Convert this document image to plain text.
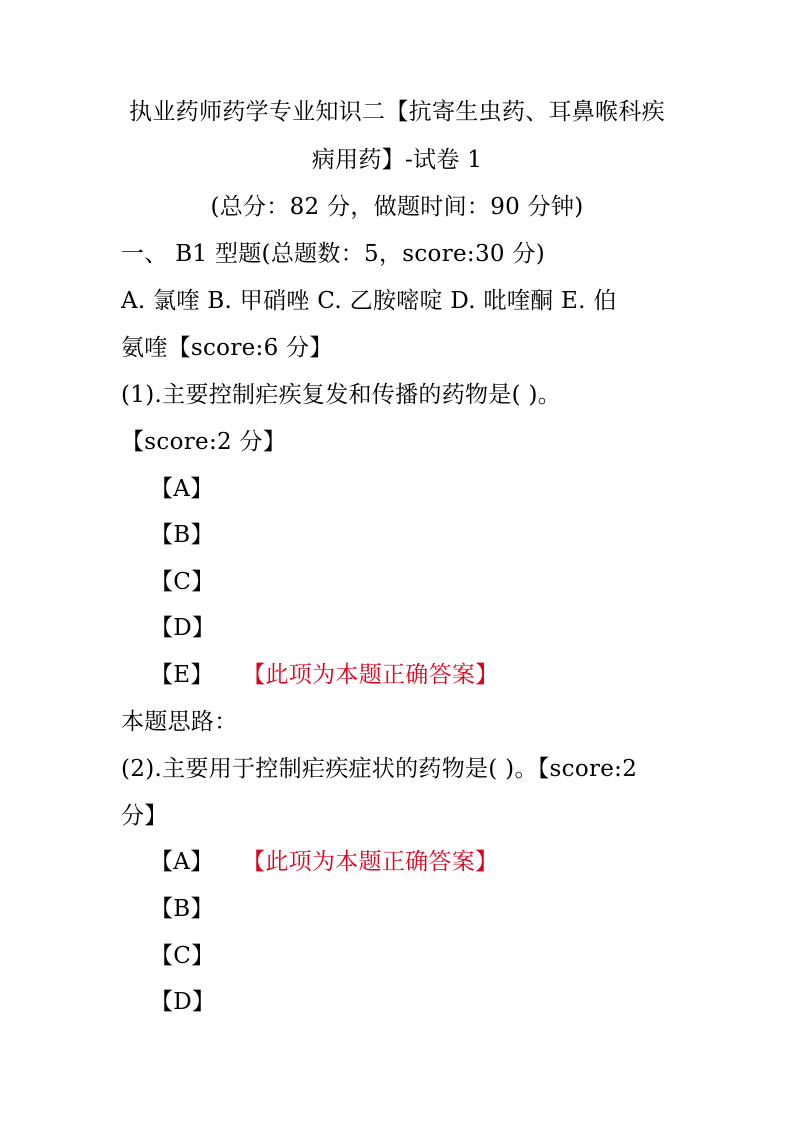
执业药师药学专业知识二【抗寄生虫药、耳鼻喉科疾
病用药】-试卷 1
(总分：82 分，做题时间：90 分钟)
一、 B1 型题(总题数：5，score:30 分)
A. 氯喹 B. 甲硝唑 C. 乙胺嘧啶 D. 吡喹酮 E. 伯
氨喹【score:6 分】
(1).主要控制疟疾复发和传播的药物是( )。
【score:2 分】
【A】
【B】
【C】
【D】
【E】 【此项为本题正确答案】
本题思路：
(2).主要用于控制疟疾症状的药物是( )。【score:2
分】
【A】 【此项为本题正确答案】
【B】
【C】
【D】
